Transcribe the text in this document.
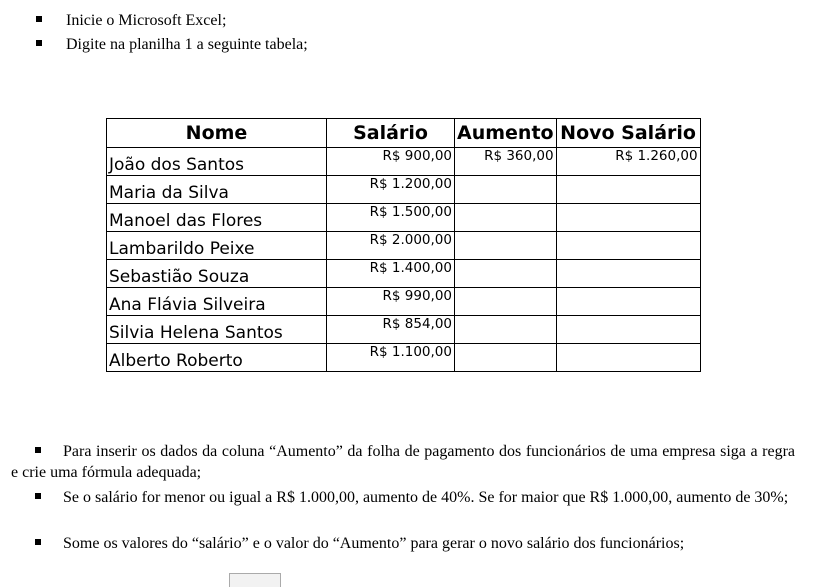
Inicie o Microsoft Excel;
Digite na planilha 1 a seguinte tabela;
Nome	Salário	Aumento	Novo Salário
João dos Santos	R$ 900,00	R$ 360,00	R$ 1.260,00
Maria da Silva	R$ 1.200,00		
Manoel das Flores	R$ 1.500,00		
Lambarildo Peixe	R$ 2.000,00		
Sebastião Souza	R$ 1.400,00		
Ana Flávia Silveira	R$ 990,00		
Silvia Helena Santos	R$ 854,00		
Alberto Roberto	R$ 1.100,00		
Para inserir os dados da coluna “Aumento” da folha de pagamento dos funcionários de uma empresa siga a regra e crie uma fórmula adequada;
Se o salário for menor ou igual a R$ 1.000,00, aumento de 40%. Se for maior que R$ 1.000,00, aumento de 30%;
Some os valores do “salário” e o valor do “Aumento” para gerar o novo salário dos funcionários;
